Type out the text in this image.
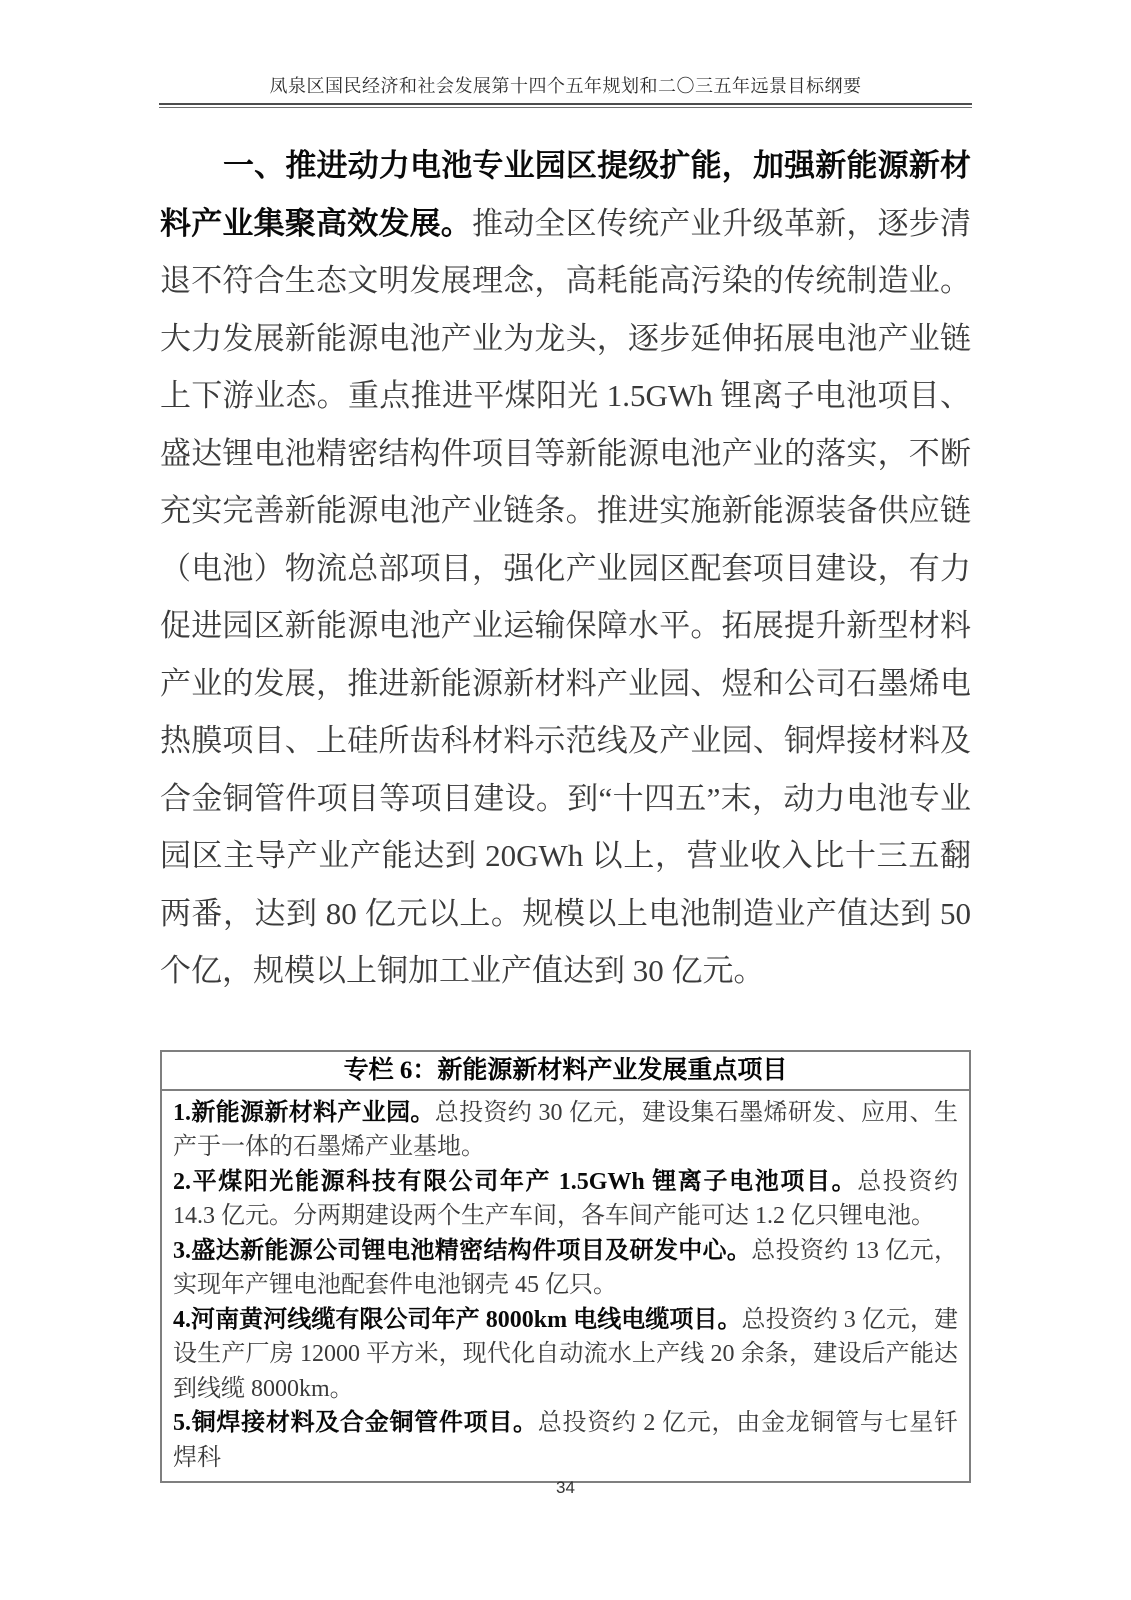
凤泉区国民经济和社会发展第十四个五年规划和二〇三五年远景目标纲要

一、推进动力电池专业园区提级扩能，加强新能源新材料产业集聚高效发展。推动全区传统产业升级革新，逐步清退不符合生态文明发展理念，高耗能高污染的传统制造业。大力发展新能源电池产业为龙头，逐步延伸拓展电池产业链上下游业态。重点推进平煤阳光 1.5GWh 锂离子电池项目、盛达锂电池精密结构件项目等新能源电池产业的落实，不断充实完善新能源电池产业链条。推进实施新能源装备供应链（电池）物流总部项目，强化产业园区配套项目建设，有力促进园区新能源电池产业运输保障水平。拓展提升新型材料产业的发展，推进新能源新材料产业园、煜和公司石墨烯电热膜项目、上硅所齿科材料示范线及产业园、铜焊接材料及合金铜管件项目等项目建设。到“十四五”末，动力电池专业园区主导产业产能达到 20GWh 以上，营业收入比十三五翻两番，达到 80 亿元以上。规模以上电池制造业产值达到 50 个亿，规模以上铜加工业产值达到 30 亿元。

专栏 6：新能源新材料产业发展重点项目

1.新能源新材料产业园。总投资约 30 亿元，建设集石墨烯研发、应用、生产于一体的石墨烯产业基地。

2.平煤阳光能源科技有限公司年产 1.5GWh 锂离子电池项目。总投资约 14.3 亿元。分两期建设两个生产车间，各车间产能可达 1.2 亿只锂电池。

3.盛达新能源公司锂电池精密结构件项目及研发中心。总投资约 13 亿元，实现年产锂电池配套件电池钢壳 45 亿只。

4.河南黄河线缆有限公司年产 8000km 电线电缆项目。总投资约 3 亿元，建设生产厂房 12000 平方米，现代化自动流水上产线 20 余条，建设后产能达到线缆 8000km。

5.铜焊接材料及合金铜管件项目。总投资约 2 亿元，由金龙铜管与七星钎焊科

34
